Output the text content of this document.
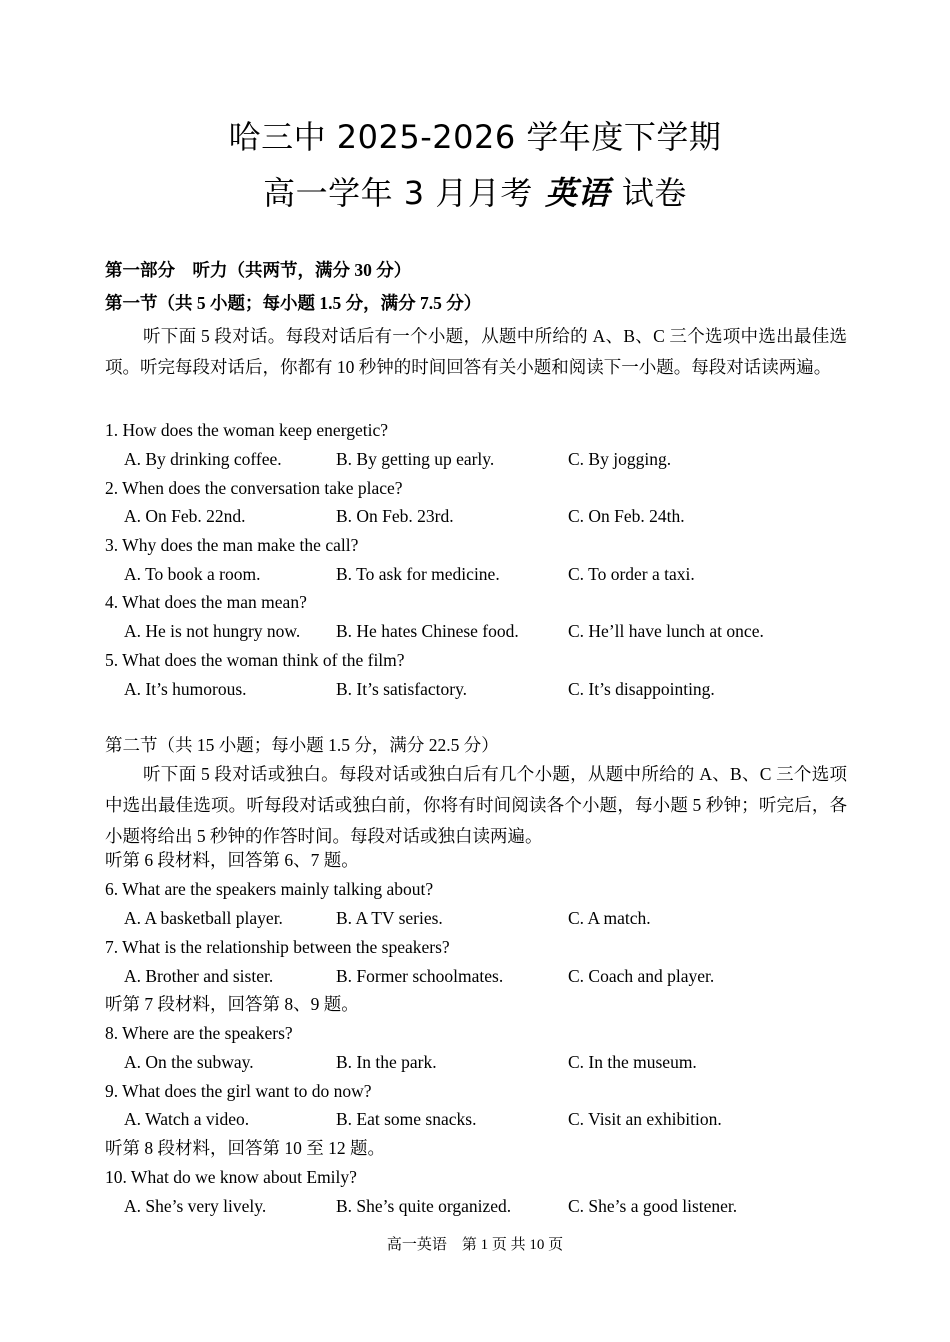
哈三中 2025-2026 学年度下学期
高一学年 3 月月考 英语 试卷
第一部分　听力（共两节，满分 30 分）
第一节（共 5 小题；每小题 1.5 分，满分 7.5 分）

听下面 5 段对话。每段对话后有一个小题，从题中所给的 A、B、C 三个选项中选出最佳选项。听完每段对话后，你都有 10 秒钟的时间回答有关小题和阅读下一小题。每段对话读两遍。

1. How does the woman keep energetic?
A. By drinking coffee.	B. By getting up early.	C. By jogging.
2. When does the conversation take place?
A. On Feb. 22nd.	B. On Feb. 23rd.	C. On Feb. 24th.
3. Why does the man make the call?
A. To book a room.	B. To ask for medicine.	C. To order a taxi.
4. What does the man mean?
A. He is not hungry now. B. He hates Chinese food.	C. He’ll have lunch at once.
5. What does the woman think of the film?
A. It’s humorous.	B. It’s satisfactory.	C. It’s disappointing.
第二节（共 15 小题；每小题 1.5 分，满分 22.5 分）

听下面 5 段对话或独白。每段对话或独白后有几个小题，从题中所给的 A、B、C 三个选项中选出最佳选项。听每段对话或独白前，你将有时间阅读各个小题，每小题 5 秒钟；听完后，各小题将给出 5 秒钟的作答时间。每段对话或独白读两遍。

听第 6 段材料，回答第 6、7 题。
6. What are the speakers mainly talking about?
A. A basketball player.	B. A TV series.	C. A match.
7. What is the relationship between the speakers?
A. Brother and sister.	B. Former schoolmates.	C. Coach and player.
听第 7 段材料，回答第 8、9 题。
8. Where are the speakers?
A. On the subway.	B. In the park.	C. In the museum.
9. What does the girl want to do now?
A. Watch a video.	B. Eat some snacks.	C. Visit an exhibition.
听第 8 段材料，回答第 10 至 12 题。
10. What do we know about Emily?
A. She’s very lively.	B. She’s quite organized.	C. She’s a good listener.
高一英语　第 1 页 共 10 页
